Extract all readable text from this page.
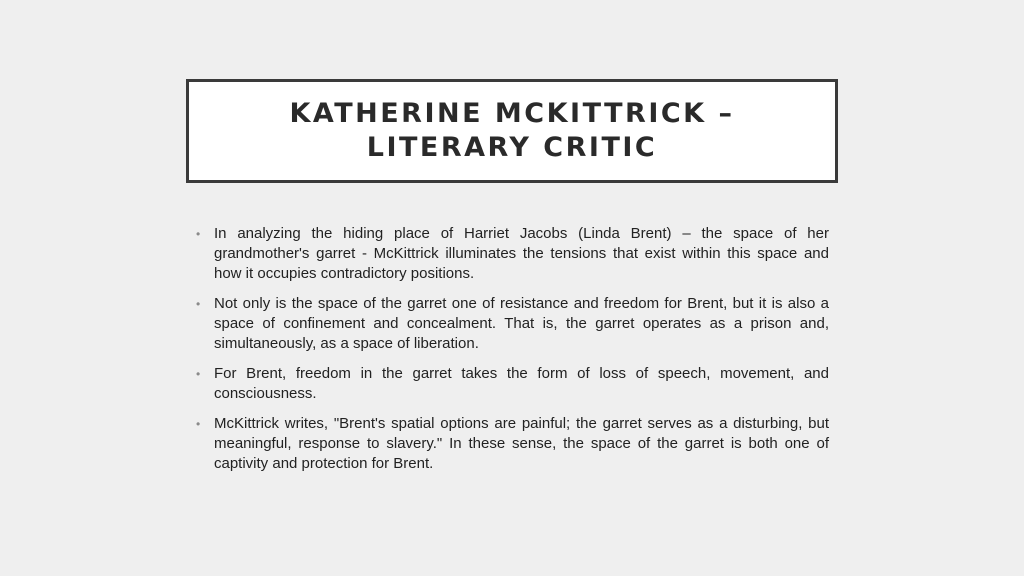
KATHERINE MCKITTRICK –
LITERARY CRITIC
• In analyzing the hiding place of Harriet Jacobs (Linda Brent) – the space of her grandmother's garret - McKittrick illuminates the tensions that exist within this space and how it occupies contradictory positions.
• Not only is the space of the garret one of resistance and freedom for Brent, but it is also a space of confinement and concealment. That is, the garret operates as a prison and, simultaneously, as a space of liberation.
• For Brent, freedom in the garret takes the form of loss of speech, movement, and consciousness.
• McKittrick writes, "Brent's spatial options are painful; the garret serves as a disturbing, but meaningful, response to slavery." In these sense, the space of the garret is both one of captivity and protection for Brent.
